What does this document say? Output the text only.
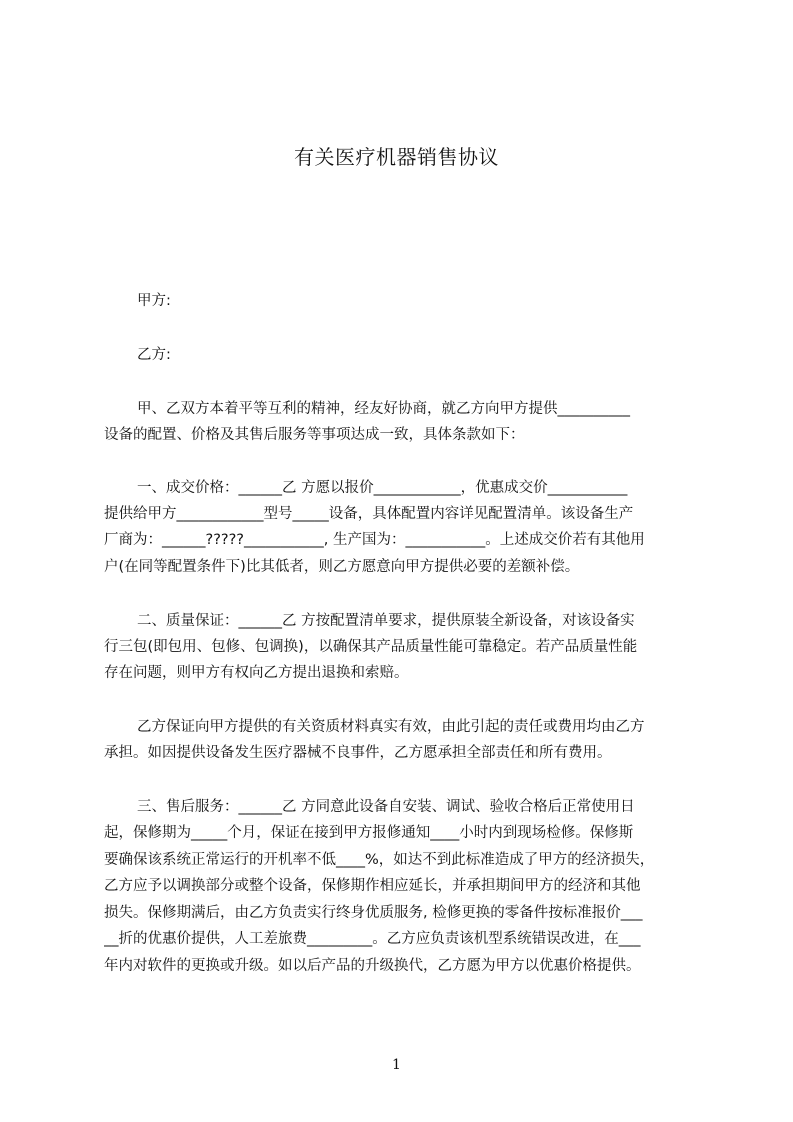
有关医疗机器销售协议
甲方:
乙方:
甲、乙双方本着平等互利的精神，经友好协商，就乙方向甲方提供__________
设备的配置、价格及其售后服务等事项达成一致，具体条款如下：
一、成交价格：______乙 方愿以报价____________，优惠成交价___________
提供给甲方____________型号_____设备，具体配置内容详见配置清单。该设备生产
厂商为：______?????___________, 生产国为：___________。上述成交价若有其他用
户(在同等配置条件下)比其低者，则乙方愿意向甲方提供必要的差额补偿。
二、质量保证：______乙 方按配置清单要求，提供原装全新设备，对该设备实
行三包(即包用、包修、包调换)，以确保其产品质量性能可靠稳定。若产品质量性能
存在问题，则甲方有权向乙方提出退换和索赔。
乙方保证向甲方提供的有关资质材料真实有效，由此引起的责任或费用均由乙方
承担。如因提供设备发生医疗器械不良事件，乙方愿承担全部责任和所有费用。
三、售后服务：______乙 方同意此设备自安装、调试、验收合格后正常使用日
起，保修期为_____个月，保证在接到甲方报修通知____小时内到现场检修。保修斯
要确保该系统正常运行的开机率不低____%，如达不到此标准造成了甲方的经济损失，
乙方应予以调换部分或整个设备，保修期作相应延长，并承担期间甲方的经济和其他
损失。保修期满后，由乙方负责实行终身优质服务, 检修更换的零备件按标准报价___
__折的优惠价提供，人工差旅费_________。乙方应负责该机型系统错误改进，在___
年内对软件的更换或升级。如以后产品的升级换代，乙方愿为甲方以优惠价格提供。
1
